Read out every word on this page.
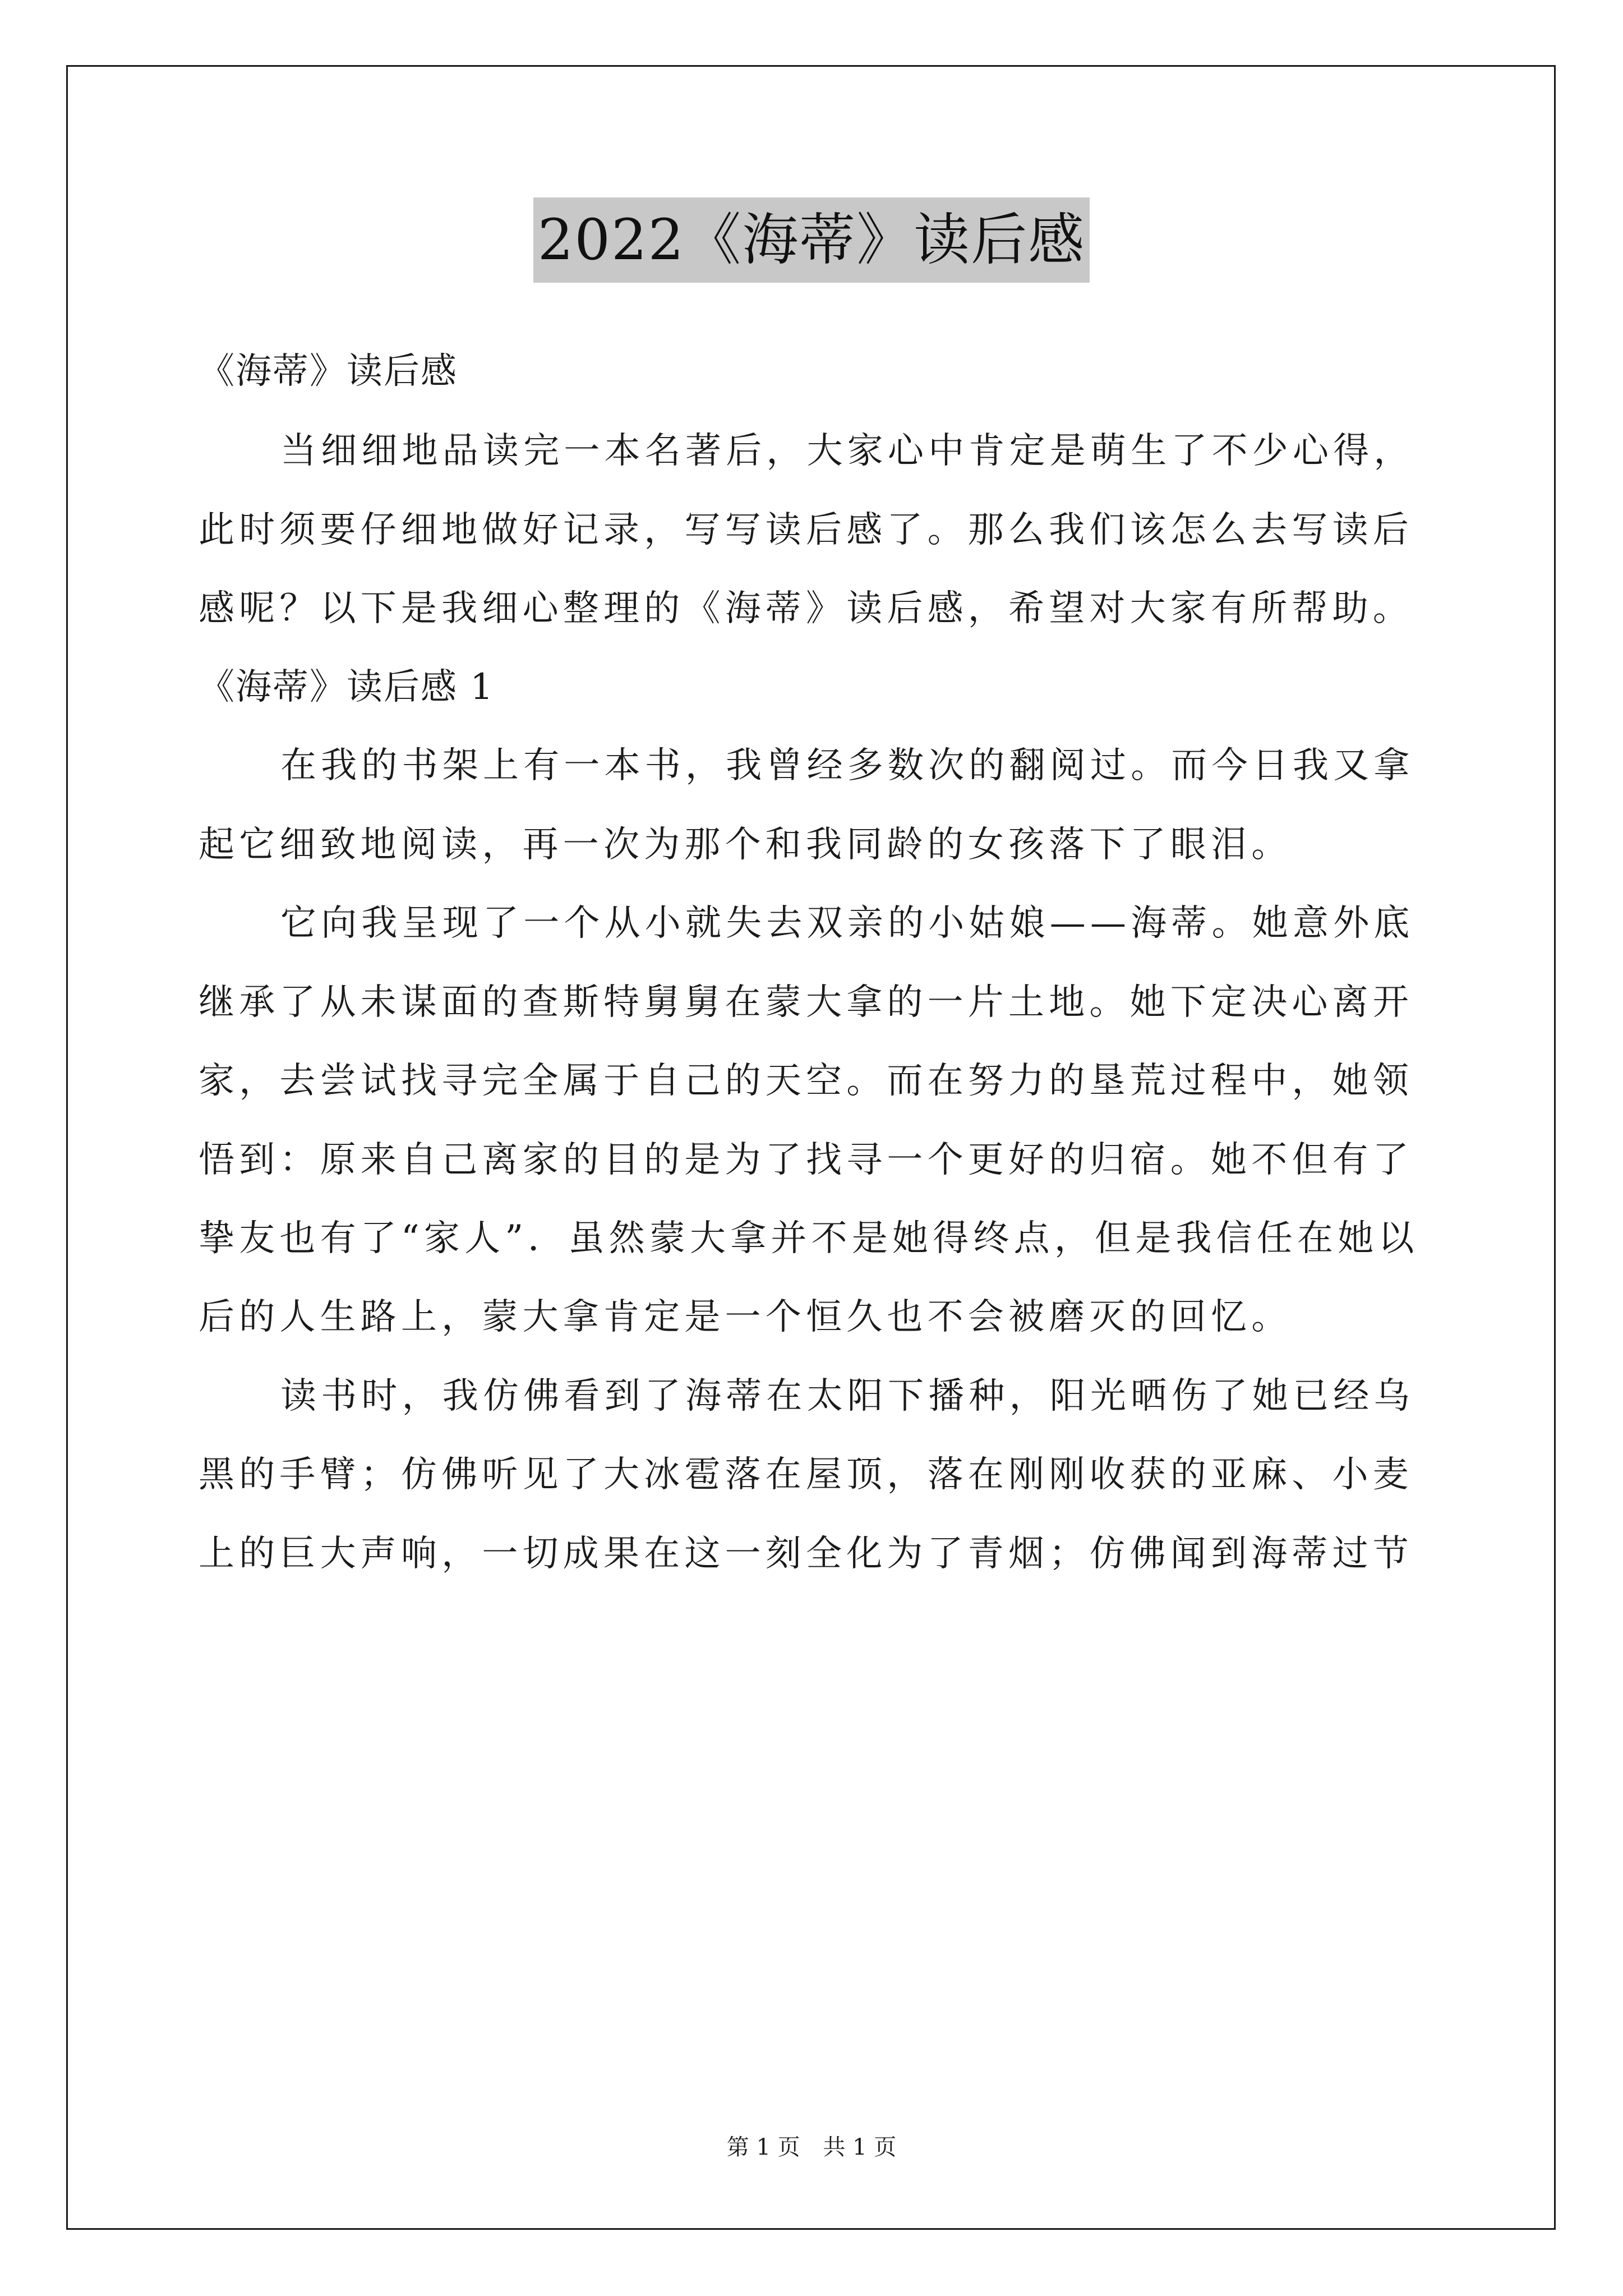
2022《海蒂》读后感
《海蒂》读后感
当细细地品读完一本名著后，大家心中肯定是萌生了不少心得，
此时须要仔细地做好记录，写写读后感了。那么我们该怎么去写读后
感呢？以下是我细心整理的《海蒂》读后感，希望对大家有所帮助。
《海蒂》读后感 1
在我的书架上有一本书，我曾经多数次的翻阅过。而今日我又拿
起它细致地阅读，再一次为那个和我同龄的女孩落下了眼泪。
它向我呈现了一个从小就失去双亲的小姑娘——海蒂。她意外底
继承了从未谋面的查斯特舅舅在蒙大拿的一片土地。她下定决心离开
家，去尝试找寻完全属于自己的天空。而在努力的垦荒过程中，她领
悟到：原来自己离家的目的是为了找寻一个更好的归宿。她不但有了
挚友也有了“家人”．虽然蒙大拿并不是她得终点，但是我信任在她以
后的人生路上，蒙大拿肯定是一个恒久也不会被磨灭的回忆。
读书时，我仿佛看到了海蒂在太阳下播种，阳光晒伤了她已经乌
黑的手臂；仿佛听见了大冰雹落在屋顶，落在刚刚收获的亚麻、小麦
上的巨大声响，一切成果在这一刻全化为了青烟；仿佛闻到海蒂过节
第 1 页 共 1 页
